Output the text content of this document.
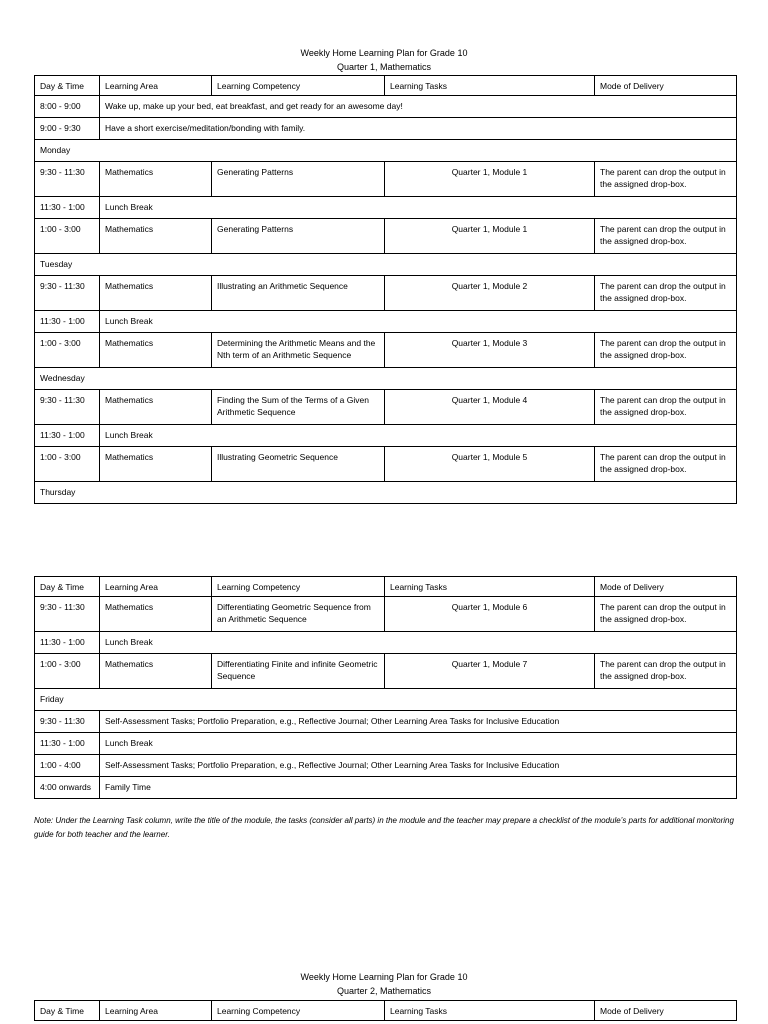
Weekly Home Learning Plan for Grade 10
Quarter 1, Mathematics
Day & Time	Learning Area	Learning Competency	Learning Tasks	Mode of Delivery
8:00 - 9:00	Wake up, make up your bed, eat breakfast, and get ready for an awesome day!			
9:00 - 9:30	Have a short exercise/meditation/bonding with family.			
Monday				
9:30 - 11:30	Mathematics	Generating Patterns	Quarter 1, Module 1	The parent can drop the output in the assigned drop-box.
11:30 - 1:00	Lunch Break			
1:00 - 3:00	Mathematics	Generating Patterns	Quarter 1, Module 1	The parent can drop the output in the assigned drop-box.
Tuesday				
9:30 - 11:30	Mathematics	Illustrating an Arithmetic Sequence	Quarter 1, Module 2	The parent can drop the output in the assigned drop-box.
11:30 - 1:00	Lunch Break			
1:00 - 3:00	Mathematics	Determining the Arithmetic Means and the Nth term of an Arithmetic Sequence	Quarter 1, Module 3	The parent can drop the output in the assigned drop-box.
Wednesday				
9:30 - 11:30	Mathematics	Finding the Sum of the Terms of a Given Arithmetic Sequence	Quarter 1, Module 4	The parent can drop the output in the assigned drop-box.
11:30 - 1:00	Lunch Break			
1:00 - 3:00	Mathematics	Illustrating Geometric Sequence	Quarter 1, Module 5	The parent can drop the output in the assigned drop-box.
Thursday				
Day & Time	Learning Area	Learning Competency	Learning Tasks	Mode of Delivery
9:30 - 11:30	Mathematics	Differentiating Geometric Sequence from an Arithmetic Sequence	Quarter 1, Module 6	The parent can drop the output in the assigned drop-box.
11:30 - 1:00	Lunch Break			
1:00 - 3:00	Mathematics	Differentiating Finite and infinite Geometric Sequence	Quarter 1, Module 7	The parent can drop the output in the assigned drop-box.
Friday				
9:30 - 11:30	Self-Assessment Tasks; Portfolio Preparation, e.g., Reflective Journal; Other Learning Area Tasks for Inclusive Education			
11:30 - 1:00	Lunch Break			
1:00 - 4:00	Self-Assessment Tasks; Portfolio Preparation, e.g., Reflective Journal; Other Learning Area Tasks for Inclusive Education			
4:00 onwards	Family Time			
Note: Under the Learning Task column, write the title of the module, the tasks (consider all parts) in the module and the teacher may prepare a checklist of the module’s parts for additional monitoring guide for both teacher and the learner.
Weekly Home Learning Plan for Grade 10
Quarter 2, Mathematics
Day & Time	Learning Area	Learning Competency	Learning Tasks	Mode of Delivery
